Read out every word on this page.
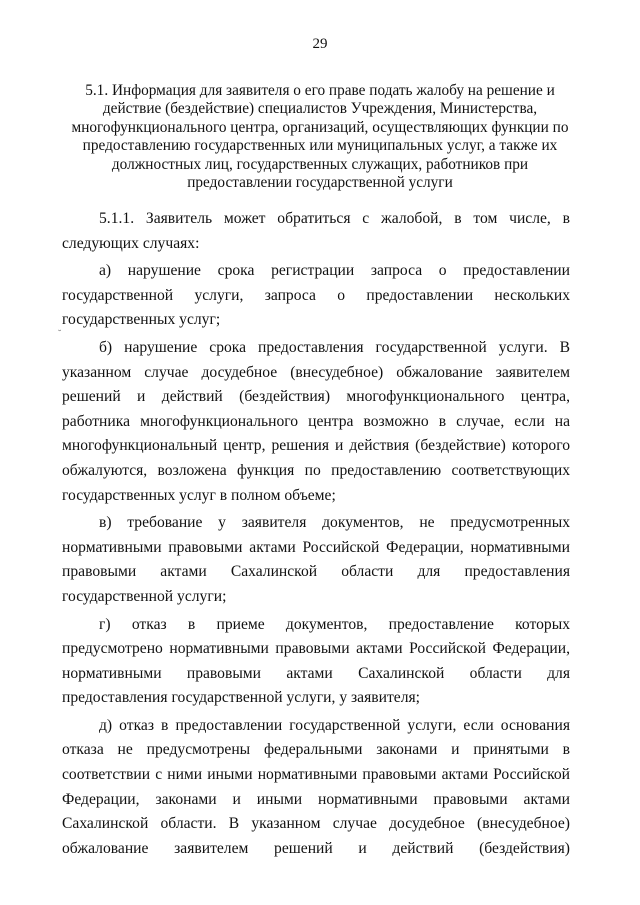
29
5.1. Информация для заявителя о его праве подать жалобу на решение и действие (бездействие) специалистов Учреждения, Министерства, многофункционального центра, организаций, осуществляющих функции по предоставлению государственных или муниципальных услуг, а также их должностных лиц, государственных служащих, работников при предоставлении государственной услуги
˘

5.1.1. Заявитель может обратиться с жалобой, в том числе, в следующих случаях:

а) нарушение срока регистрации запроса о предоставлении государственной услуги, запроса о предоставлении нескольких государственных услуг;

б) нарушение срока предоставления государственной услуги. В указанном случае досудебное (внесудебное) обжалование заявителем решений и действий (бездействия) многофункционального центра, работника многофункционального центра возможно в случае, если на многофункциональный центр, решения и действия (бездействие) которого обжалуются, возложена функция по предоставлению соответствующих государственных услуг в полном объеме;

в) требование у заявителя документов, не предусмотренных нормативными правовыми актами Российской Федерации, нормативными правовыми актами Сахалинской области для предоставления государственной услуги;

г) отказ в приеме документов, предоставление которых предусмотрено нормативными правовыми актами Российской Федерации, нормативными правовыми актами Сахалинской области для предоставления государственной услуги, у заявителя;

д) отказ в предоставлении государственной услуги, если основания отказа не предусмотрены федеральными законами и принятыми в соответствии с ними иными нормативными правовыми актами Российской Федерации, законами и иными нормативными правовыми актами Сахалинской области. В указанном случае досудебное (внесудебное) обжалование заявителем решений и действий (бездействия)
